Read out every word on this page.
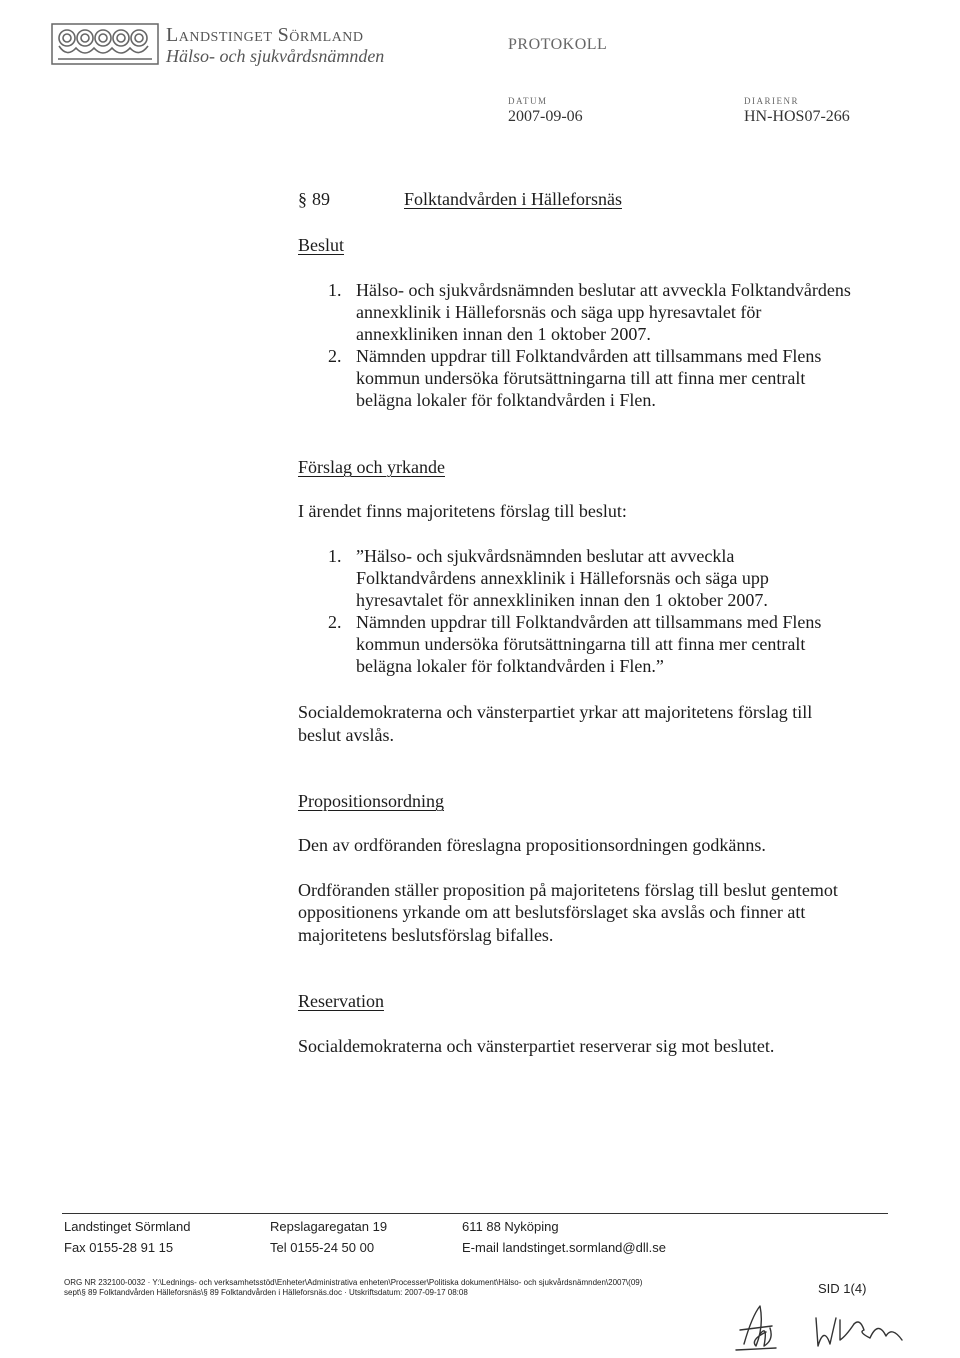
Landstinget Sörmland
Hälso- och sjukvårdsnämnden
PROTOKOLL
DATUM
2007-09-06
DIARIENR
HN-HOS07-266
§ 89	Folktandvården i Hälleforsnäs
Beslut
1. Hälso- och sjukvårdsnämnden beslutar att avveckla Folktandvårdens
annexklinik i Hälleforsnäs och säga upp hyresavtalet för
annexkliniken innan den 1 oktober 2007.
2. Nämnden uppdrar till Folktandvården att tillsammans med Flens
kommun undersöka förutsättningarna till att finna mer centralt
belägna lokaler för folktandvården i Flen.
Förslag och yrkande
I ärendet finns majoritetens förslag till beslut:
1. ”Hälso- och sjukvårdsnämnden beslutar att avveckla
Folktandvårdens annexklinik i Hälleforsnäs och säga upp
hyresavtalet för annexkliniken innan den 1 oktober 2007.
2. Nämnden uppdrar till Folktandvården att tillsammans med Flens
kommun undersöka förutsättningarna till att finna mer centralt
belägna lokaler för folktandvården i Flen.”
Socialdemokraterna och vänsterpartiet yrkar att majoritetens förslag till
beslut avslås.
Propositionsordning
Den av ordföranden föreslagna propositionsordningen godkänns.
Ordföranden ställer proposition på majoritetens förslag till beslut gentemot
oppositionens yrkande om att beslutsförslaget ska avslås och finner att
majoritetens beslutsförslag bifalles.
Reservation
Socialdemokraterna och vänsterpartiet reserverar sig mot beslutet.
Landstinget Sörmland	Repslagaregatan 19	611 88 Nyköping
Fax 0155-28 91 15	Tel 0155-24 50 00	E-mail landstinget.sormland@dll.se
ORG NR 232100-0032 · Y:\Lednings- och verksamhetsstöd\Enheter\Administrativa enheten\Processer\Politiska dokument\Hälso- och sjukvårdsnämnden\2007\(09)
sept\§ 89 Folktandvården Hälleforsnäs\§ 89 Folktandvården i Hälleforsnäs.doc · Utskriftsdatum: 2007-09-17 08:08	SID 1(4)
